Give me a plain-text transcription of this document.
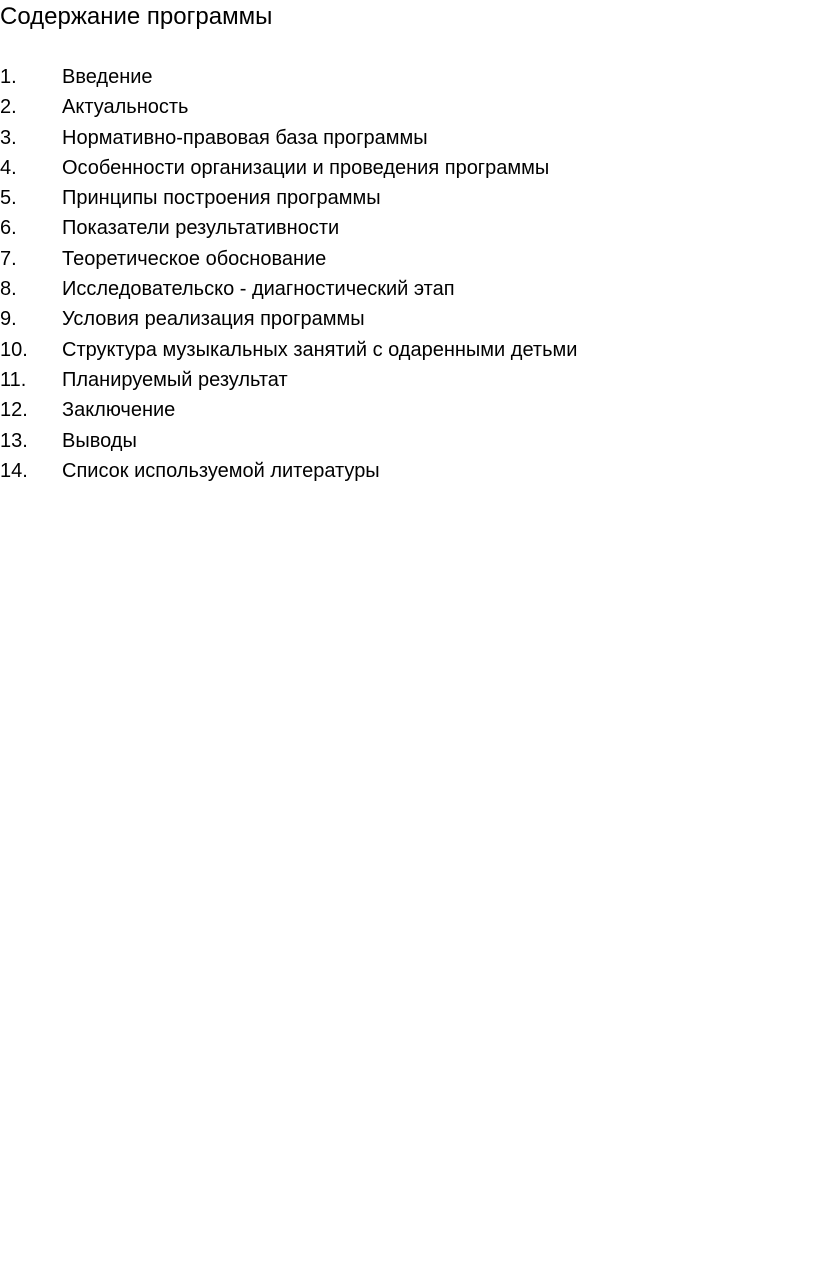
Содержание программы
1. Введение
2. Актуальность
3. Нормативно-правовая база программы
4. Особенности организации и проведения программы
5. Принципы построения программы
6. Показатели результативности
7. Теоретическое обоснование
8. Исследовательско - диагностический этап
9. Условия реализация программы
10. Структура музыкальных занятий с одаренными детьми
11. Планируемый результат
12. Заключение
13. Выводы
14. Список используемой литературы
